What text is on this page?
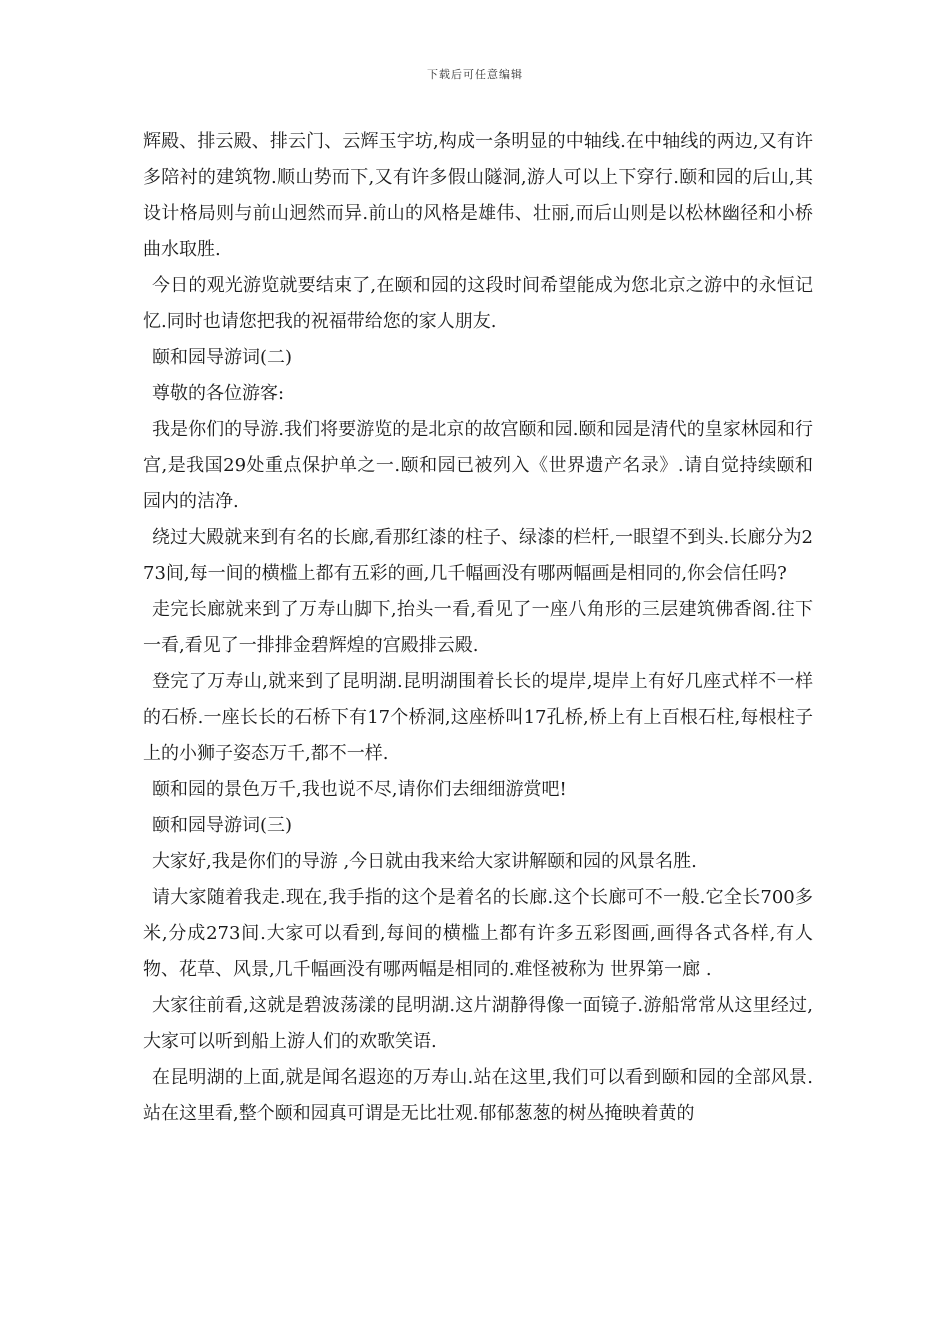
下载后可任意编辑

辉殿、排云殿、排云门、云辉玉宇坊,构成一条明显的中轴线.在中轴线的两边,又有许多陪衬的建筑物.顺山势而下,又有许多假山隧洞,游人可以上下穿行.颐和园的后山,其设计格局则与前山迥然而异.前山的风格是雄伟、壮丽,而后山则是以松林幽径和小桥曲水取胜.

今日的观光游览就要结束了,在颐和园的这段时间希望能成为您北京之游中的永恒记忆.同时也请您把我的祝福带给您的家人朋友.

颐和园导游词(二)

尊敬的各位游客:

我是你们的导游.我们将要游览的是北京的故宫颐和园.颐和园是清代的皇家林园和行宫,是我国29处重点保护单之一.颐和园已被列入《世界遗产名录》.请自觉持续颐和园内的洁净.

绕过大殿就来到有名的长廊,看那红漆的柱子、绿漆的栏杆,一眼望不到头.长廊分为273间,每一间的横槛上都有五彩的画,几千幅画没有哪两幅画是相同的,你会信任吗?

走完长廊就来到了万寿山脚下,抬头一看,看见了一座八角形的三层建筑佛香阁.往下一看,看见了一排排金碧辉煌的宫殿排云殿.

登完了万寿山,就来到了昆明湖.昆明湖围着长长的堤岸,堤岸上有好几座式样不一样的石桥.一座长长的石桥下有17个桥洞,这座桥叫17孔桥,桥上有上百根石柱,每根柱子上的小狮子姿态万千,都不一样.

颐和园的景色万千,我也说不尽,请你们去细细游赏吧!

颐和园导游词(三)

大家好,我是你们的导游 ,今日就由我来给大家讲解颐和园的风景名胜.

请大家随着我走.现在,我手指的这个是着名的长廊.这个长廊可不一般.它全长700多米,分成273间.大家可以看到,每间的横槛上都有许多五彩图画,画得各式各样,有人物、花草、风景,几千幅画没有哪两幅是相同的.难怪被称为 世界第一廊 .

大家往前看,这就是碧波荡漾的昆明湖.这片湖静得像一面镜子.游船常常从这里经过,大家可以听到船上游人们的欢歌笑语.

在昆明湖的上面,就是闻名遐迩的万寿山.站在这里,我们可以看到颐和园的全部风景.站在这里看,整个颐和园真可谓是无比壮观.郁郁葱葱的树丛掩映着黄的
